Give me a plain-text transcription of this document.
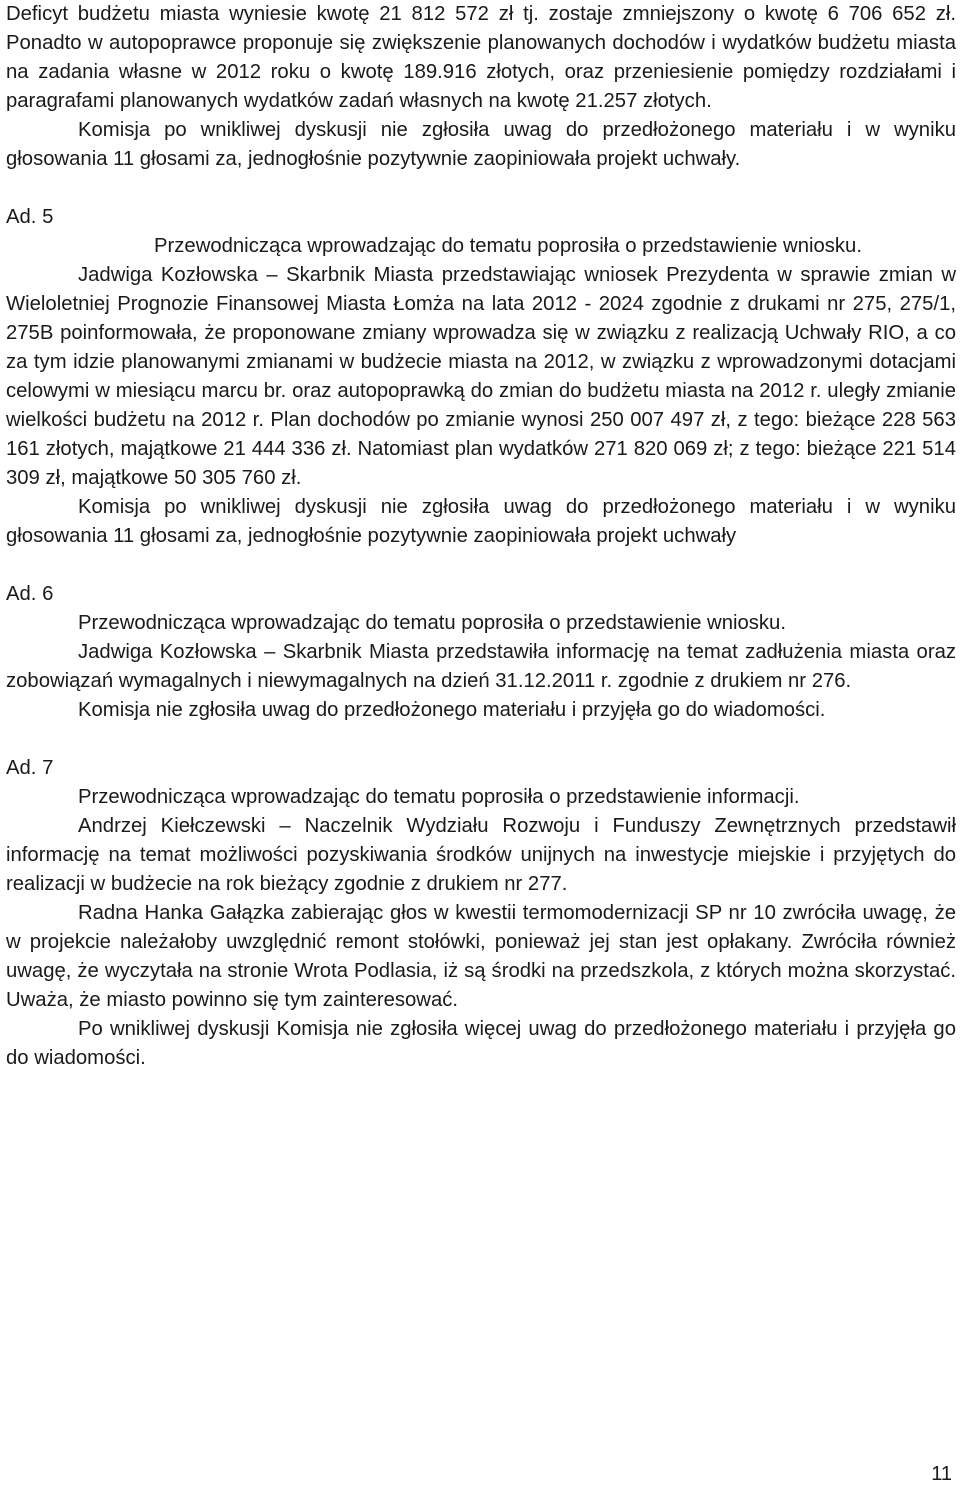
Deficyt budżetu miasta wyniesie kwotę 21 812 572 zł tj. zostaje zmniejszony o kwotę 6 706 652 zł. Ponadto w autopoprawce proponuje się zwiększenie planowanych dochodów i wydatków budżetu miasta na zadania własne w 2012 roku o kwotę 189.916 złotych, oraz przeniesienie pomiędzy rozdziałami i paragrafami planowanych wydatków zadań własnych na kwotę 21.257 złotych.

Komisja po wnikliwej dyskusji nie zgłosiła uwag do przedłożonego materiału i w wyniku głosowania 11 głosami za, jednogłośnie pozytywnie zaopiniowała projekt uchwały.

Ad. 5

Przewodnicząca wprowadzając do tematu poprosiła o przedstawienie wniosku.

Jadwiga Kozłowska – Skarbnik Miasta przedstawiając wniosek Prezydenta w sprawie zmian w Wieloletniej Prognozie Finansowej Miasta Łomża na lata 2012 - 2024 zgodnie z drukami nr 275, 275/1, 275B poinformowała, że proponowane zmiany wprowadza się w związku z realizacją Uchwały RIO, a co za tym idzie planowanymi zmianami w budżecie miasta na 2012, w związku z wprowadzonymi dotacjami celowymi w miesiącu marcu br. oraz autopoprawką do zmian do budżetu miasta na 2012 r. uległy zmianie wielkości budżetu na 2012 r. Plan dochodów po zmianie wynosi 250 007 497 zł, z tego: bieżące 228 563 161 złotych, majątkowe 21 444 336 zł. Natomiast plan wydatków 271 820 069 zł; z tego: bieżące 221 514 309 zł, majątkowe 50 305 760 zł.

Komisja po wnikliwej dyskusji nie zgłosiła uwag do przedłożonego materiału i w wyniku głosowania 11 głosami za, jednogłośnie pozytywnie zaopiniowała projekt uchwały

Ad. 6

Przewodnicząca wprowadzając do tematu poprosiła o przedstawienie wniosku.

Jadwiga Kozłowska – Skarbnik Miasta przedstawiła informację na temat zadłużenia miasta oraz zobowiązań wymagalnych i niewymagalnych na dzień 31.12.2011 r. zgodnie z drukiem nr 276.

Komisja nie zgłosiła uwag do przedłożonego materiału i przyjęła go do wiadomości.

Ad. 7

Przewodnicząca wprowadzając do tematu poprosiła o przedstawienie informacji.

Andrzej Kiełczewski – Naczelnik Wydziału Rozwoju i Funduszy Zewnętrznych przedstawił informację na temat możliwości pozyskiwania środków unijnych na inwestycje miejskie i przyjętych do realizacji w budżecie na rok bieżący zgodnie z drukiem nr 277.

Radna Hanka Gałązka zabierając głos w kwestii termomodernizacji SP nr 10 zwróciła uwagę, że w projekcie należałoby uwzględnić remont stołówki, ponieważ jej stan jest opłakany. Zwróciła również uwagę, że wyczytała na stronie Wrota Podlasia, iż są środki na przedszkola, z których można skorzystać. Uważa, że miasto powinno się tym zainteresować.

Po wnikliwej dyskusji Komisja nie zgłosiła więcej uwag do przedłożonego materiału i przyjęła go do wiadomości.

11
